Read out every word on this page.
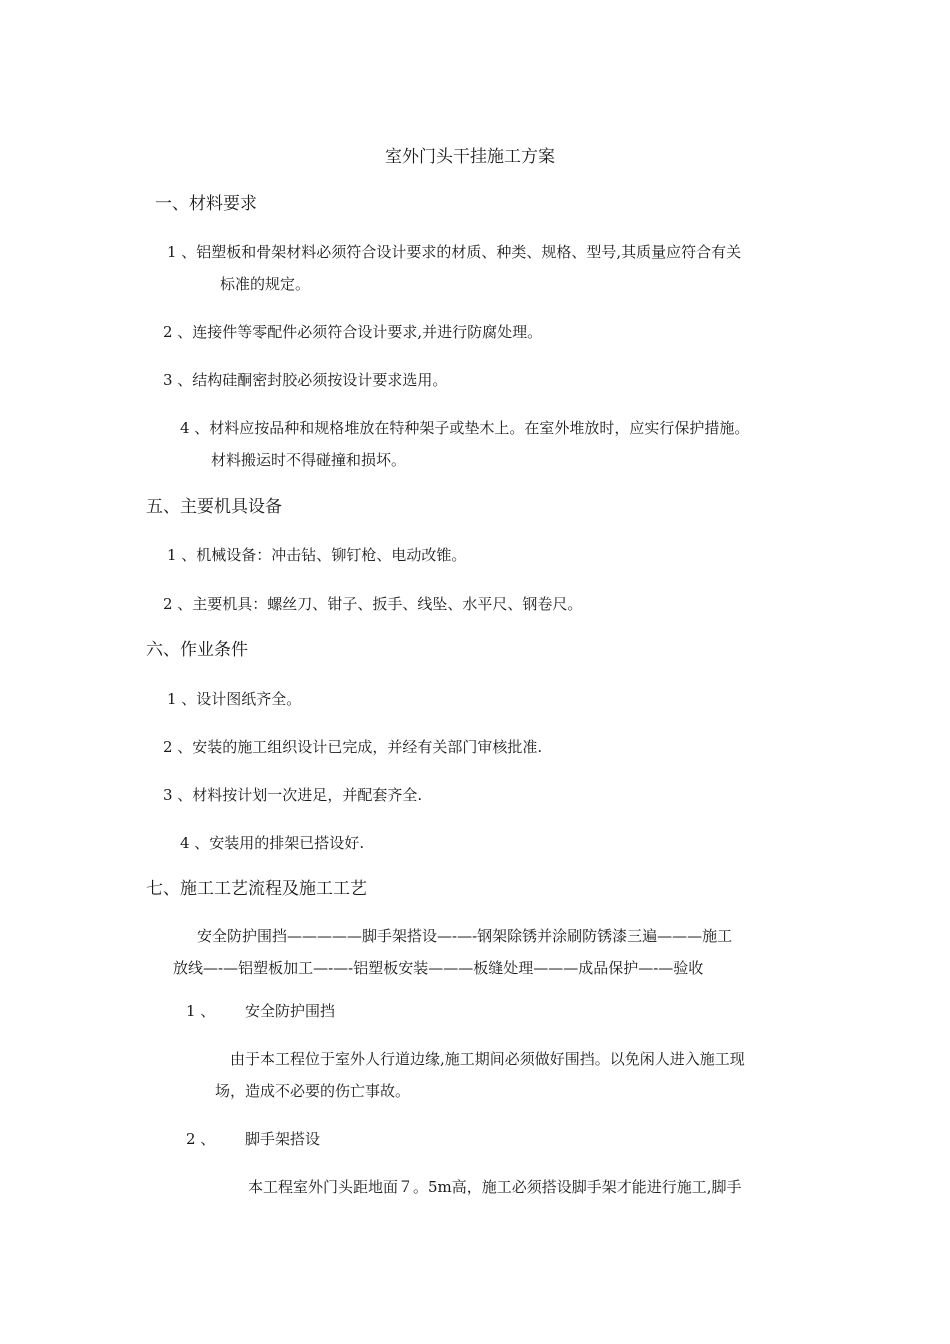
室外门头干挂施工方案
一、材料要求
1 、铝塑板和骨架材料必须符合设计要求的材质、种类、规格、型号,其质量应符合有关
标准的规定。
2 、连接件等零配件必须符合设计要求,并进行防腐处理。
3 、结构硅酮密封胶必须按设计要求选用。
4 、材料应按品种和规格堆放在特种架子或垫木上。在室外堆放时，应实行保护措施。
材料搬运时不得碰撞和损坏。
五、主要机具设备
1 、机械设备：冲击钻、铆钉枪、电动改锥。
2 、主要机具：螺丝刀、钳子、扳手、线坠、水平尺、钢卷尺。
六、作业条件
1 、设计图纸齐全。
2 、安装的施工组织设计已完成，并经有关部门审核批准.
3 、材料按计划一次进足，并配套齐全.
4 、安装用的排架已搭设好.
七、施工工艺流程及施工工艺
安全防护围挡—————脚手架搭设—-—-钢架除锈并涂刷防锈漆三遍———施工
放线—-—铝塑板加工—-—-铝塑板安装———板缝处理———成品保护—-—验收
1 、 安全防护围挡
由于本工程位于室外人行道边缘,施工期间必须做好围挡。以免闲人进入施工现
场，造成不必要的伤亡事故。
2 、 脚手架搭设
本工程室外门头距地面７。5m高，施工必须搭设脚手架才能进行施工,脚手
